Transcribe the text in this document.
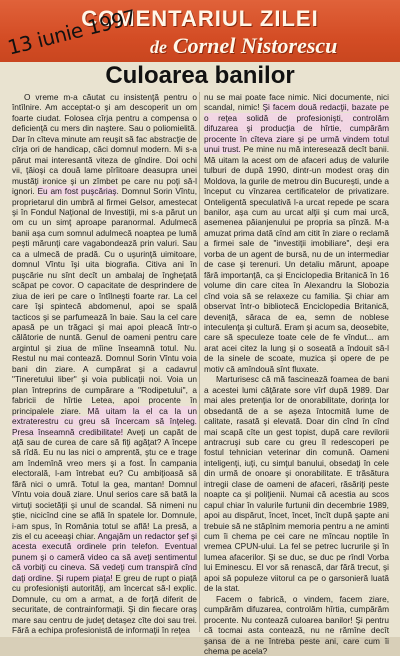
COMENTARIUL ZILEI
de Cornel Nistorescu
13 iunie 1997
Culoarea banilor

O vreme m-a căutat cu insistenţă pentru o întîlnire. Am acceptat-o şi am descoperit un om foarte ciudat. Folosea cîrja pentru a compensa o deficienţă cu mers din naştere. Sau o poliomielită. Dar în cîteva minute am reuşit să fac abstracţie de cîrja ori de handicap, căci domnul modern. Mi s-a părut mai interesantă viteza de gîndire. Doi ochi vii, ţăioşi ca două lame pîrîitoare deasupra unei mustăţi ironice şi un zîmbet pe care nu poţi să-l ignori. Eu am fost puşcăriaş. Domnul Sorin Vîntu, proprietarul din umbră al firmei Gelsor, amestecat şi în Fondul Naţional de Investiţii, mi s-a părut un om cu un simţ aproape paranormal. Adulmecă banii aşa cum somnul adulmecă noaptea pe lumă peşti mărunţi care vagabondează prin valuri. Sau ca a ulmecă de pradă. Cu o uşurinţă uimitoare, domnul Vîntu îşi uita biografia. Citiva ani în puşcărie nu sînt decît un ambalaj de îngheţată scăpat pe covor. O capacitate de desprindere de ziua de ieri pe care o întîlneşti foarte rar. La cel care îşi spintecă abdomenul, apoi se spală tacticos şi se parfumează în baie. Sau la cel care apasă pe un trăgaci şi mai apoi pleacă într-o călătorie de nuntă. Genul de oameni pentru care argintul şi ziua de mîine înseamnă totul. Nu. Restul nu mai contează. Domnul Sorin Vîntu voia bani din ziare. A cumpărat şi a cadavrul "Tineretului liber" şi voia publicaţii noi. Voia un plan întreprins de cumpărare a "Rodipetului", a fabricii de hîrtie Letea, apoi procente în principalele ziare. Mă uitam la el ca la un extraterestru cu greu să încercam să înţeleg. Presa înseamnă credibilitate! Aveţi un capăt de aţă sau de curea de care să fiţi agăţat? A începe să rîdă. Eu nu las nici o amprentă, ştu ce e trage am îndemînă vreo mers şi a fost. În campania electorală, l-am întrebat eu? Cu ambiţioasă să fără nici o umră. Totul la gea, mantan! Domnul Vîntu voia două ziare. Unul serios care să bată la virtuţi societăţii şi unul de scandal. Să nimeni nu ştie, nicicînd cine se află în spatele lor. Domnule, i-am spus, în România totul se află! La presă, a zis el cu aceeaşi chiar. Angajăm un redactor şef şi acesta execută ordinele prin telefon. Eventual punem şi o cameră video ca să aveţi sentimentul că vorbiţi cu cineva. Să vedeţi cum transpiră cînd daţi ordine. Şi rupem piaţa! E greu de rupt o piaţă cu profesionişti autorităţi, am încercat să-l explic. Domnule, cu om a armat, a de forţă diferit de securitate, de contrainformaţii. Şi din fiecare oraş mare sau centru de judeţ detaşez cîte doi sau trei. Fără a echipa profesionistă de informaţii în reţea

nu se mai poate face nimic. Nici documente, nici scandal, nimic! Şi facem două redacţii, bazate pe o reţea solidă de profesionişti, controlăm difuzarea şi producţia de hîrtie, cumpărăm procente în cîteva ziare şi pe urmă vindem totul unui trust. Pe mine nu mă interesează decît banii. Mă uitam la acest om de afaceri aduș de valurile tulburi de după 1990, dintr-un modest oraş din Moldova, la gurile de metrou din Bucureşti, unde a început cu vînzarea certificatelor de privatizare. Onteligentă speculativă l-a urcat repede pe scara banilor, aşa cum au urcat alţii şi cum mai urcă, asemenea păianjenului pe propria sa pînză. M-a amuzat prima dată cînd am citit în ziare o reclamă a firmei sale de "investiţii imobiliare", deşi era vorba de un agent de bursă, nu de un intermediar de case şi terenuri. Un detaliu mărunt, apoape fără importanţă, ca şi Enciclopedia Britanică în 16 volume din care citea în Alexandru la Slobozia cînd voia să se relaxeze cu familia. Şi chiar am observat într-o bibliotecă Enciclopedia Britanică, deveniţă, săraca de ea, semn de noblese inteculenţa şi cultură. Eram şi acum sa, deosebite, care să speculeze toate cele de fe vîndut... am arat acei citez la lung şi o soseată a îndouit să-l de la sinele de scoate, muzica şi opere de pe motiv că amîndouă sînt fluxate.

Marturisesc că mă fascinează foamea de bani a acestei lumi căţărate sore vîrf după 1989. Dar mai ales pretenţia lor de onorabilitate, dorinţa lor obsedantă de a se aşeza întocmită lume de calitate, rasată şi elevată. Doar din cînd în cînd mai scapă cîte un gest topist, după care revilorii antracruşi sub care cu greu îl redescoperi pe fostul tehnician veterinar din comună. Oameni inteligenţi, iuţi, cu simţul banului, obsedaţi în cele din urmă de onoare şi onorabilitate. E trăsătura intregii clase de oameni de afaceri, răsăriţi peste noapte ca şi poliţienii. Numai că acestia au scos capul chiar în valurile furtunii din decembrie 1989, apoi au dispărut, încet, încet, încît după şapte ani trebuie să ne stăpînim memoria pentru a ne aminti cum îi chema pe cei care ne mîncau noptile în vremea CPUN-ului. La fel se petrec lucrurile şi în lumea afacerilor. Şi se duc, se duc pe rîndl Vorba lui Eminescu. El vor să renască, dar fără trecut, şi apoi să populeze viitorul ca pe o garsonieră luată de la stat.

Facem o fabrică, o vindem, facem ziare, cumpărăm difuzarea, controlăm hîrtia, cumpărăm procente. Nu contează culoarea banilor! Şi pentru că tocmai asta contează, nu ne rămîne decît şansa de a ne întreba peste ani, care cum îi chema pe acela?
